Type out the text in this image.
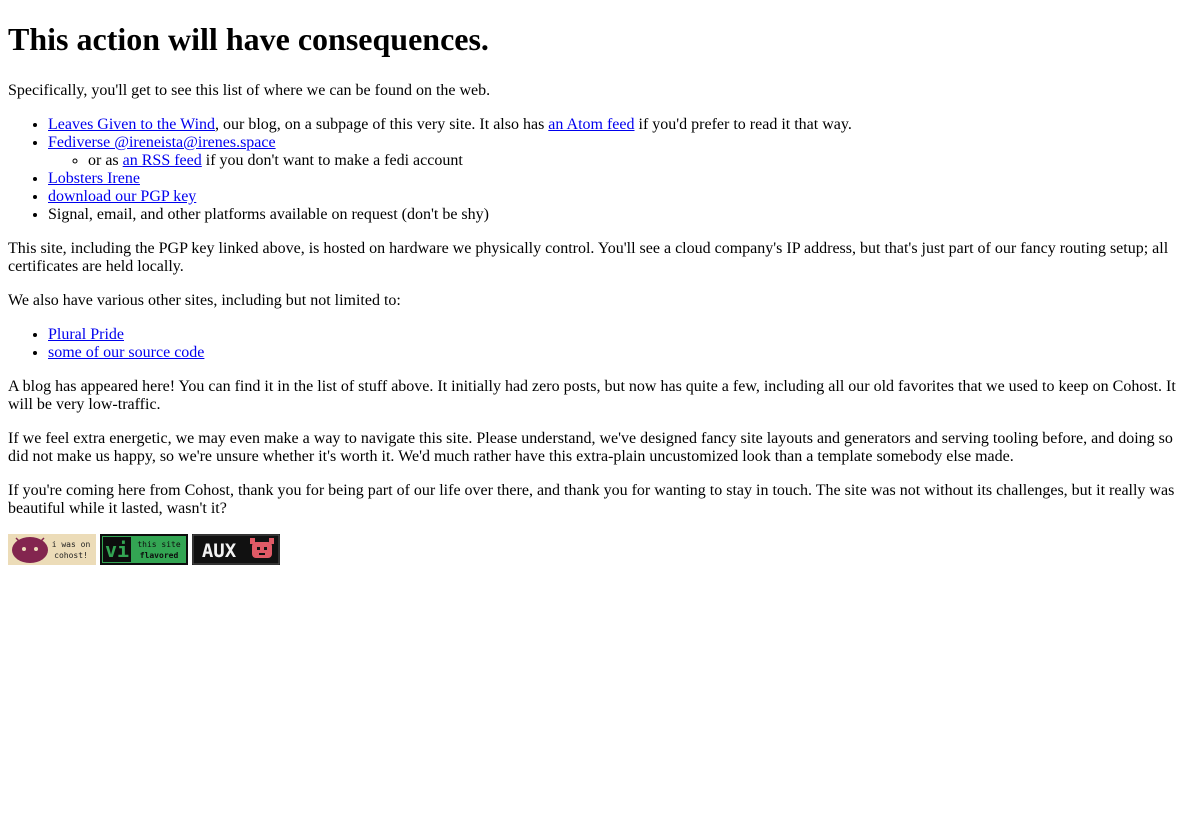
This action will have consequences.

Specifically, you'll get to see this list of where we can be found on the web.

• Leaves Given to the Wind, our blog, on a subpage of this very site. It also has an Atom feed if you'd prefer to read it that way.
• Fediverse @ireneista@irenes.space
◦ or as an RSS feed if you don't want to make a fedi account
• Lobsters Irene
• download our PGP key
• Signal, email, and other platforms available on request (don't be shy)

This site, including the PGP key linked above, is hosted on hardware we physically control. You'll see a cloud company's IP address, but that's just part of our fancy routing setup; all certificates are held locally.

We also have various other sites, including but not limited to:

• Plural Pride
• some of our source code

A blog has appeared here! You can find it in the list of stuff above. It initially had zero posts, but now has quite a few, including all our old favorites that we used to keep on Cohost. It will be very low-traffic.

If we feel extra energetic, we may even make a way to navigate this site. Please understand, we've designed fancy site layouts and generators and serving tooling before, and doing so did not make us happy, so we're unsure whether it's worth it. We'd much rather have this extra-plain uncustomized look than a template somebody else made.

If you're coming here from Cohost, thank you for being part of our life over there, and thank you for wanting to stay in touch. The site was not without its challenges, but it really was beautiful while it lasted, wasn't it?

i was on
cohost! vi this site
flavored AUX
